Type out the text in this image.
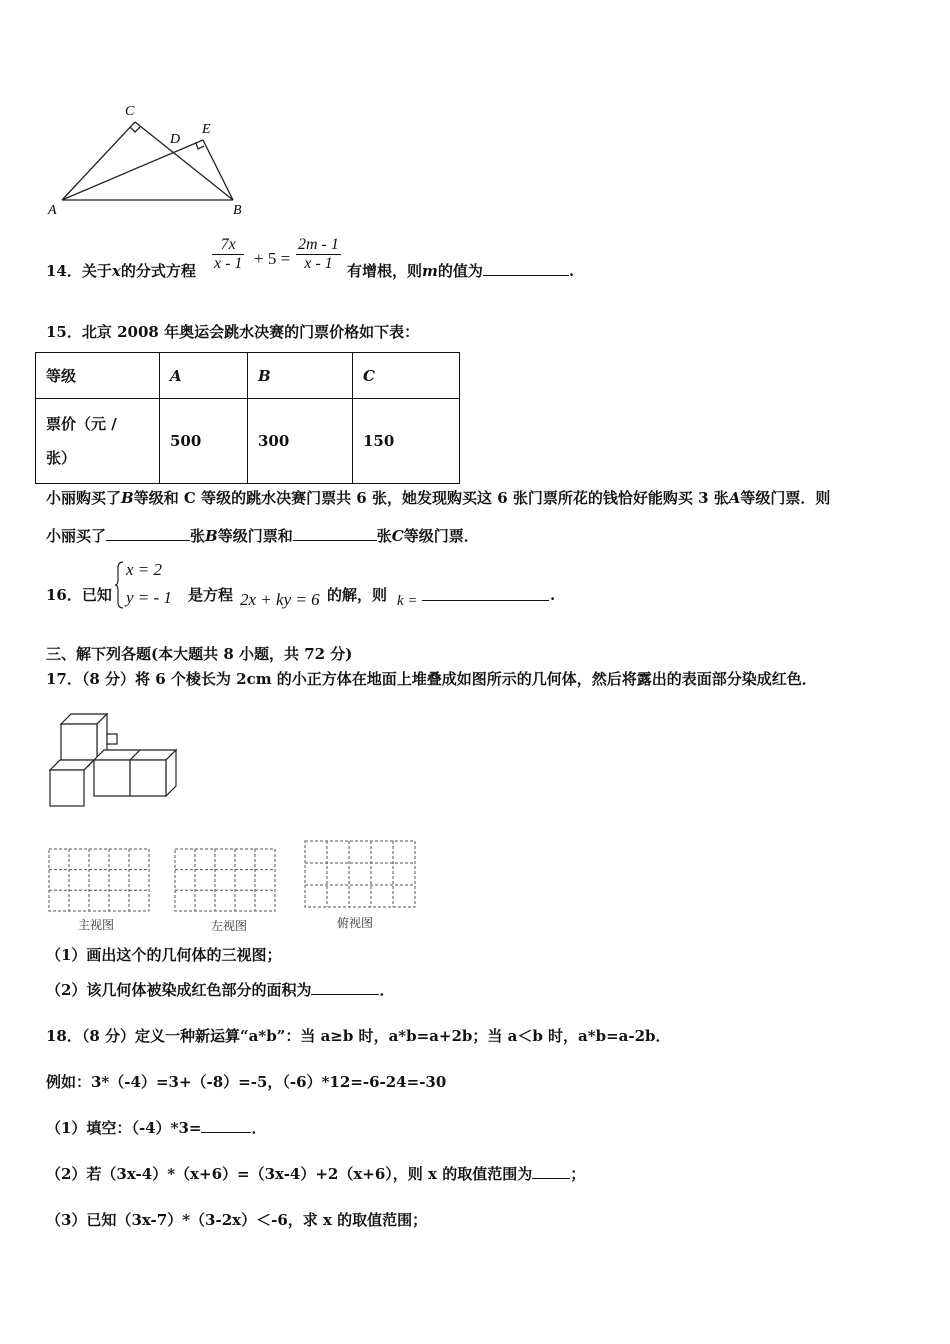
C
D
E
A	B
14．关于x的分式方程
7x
x - 1 + 5 =
2m - 1
x - 1 有增根，则m的值为	.
15．北京 2008 年奥运会跳水决赛的门票价格如下表：
等级	A	B	C

票价（元 /
张）	500	300	150
小丽购买了B等级和 C 等级的跳水决赛门票共 6 张，她发现购买这 6 张门票所花的钱恰好能购买 3 张A等级门票．则
小丽买了	张B等级门票和	张C等级门票．
16．已知
x = 2
y = - 1 是方程 2x + ky = 6 的解，则 k =	.
三、解下列各题(本大题共 8 小题，共 72 分)
17．（8 分）将 6 个棱长为 2cm 的小正方体在地面上堆叠成如图所示的几何体，然后将露出的表面部分染成红色．
主视图	左视图	俯视图
（1）画出这个的几何体的三视图；
（2）该几何体被染成红色部分的面积为	．
18．（8 分）定义一种新运算“a*b”：当 a≥b 时，a*b=a+2b；当 a＜b 时，a*b=a-2b．
例如：3*（-4）=3+（-8）=-5，（-6）*12=-6-24=-30
（1）填空：（-4）*3=	．
（2）若（3x-4）*（x+6）=（3x-4）+2（x+6），则 x 的取值范围为	；
（3）已知（3x-7）*（3-2x）＜-6，求 x 的取值范围；
